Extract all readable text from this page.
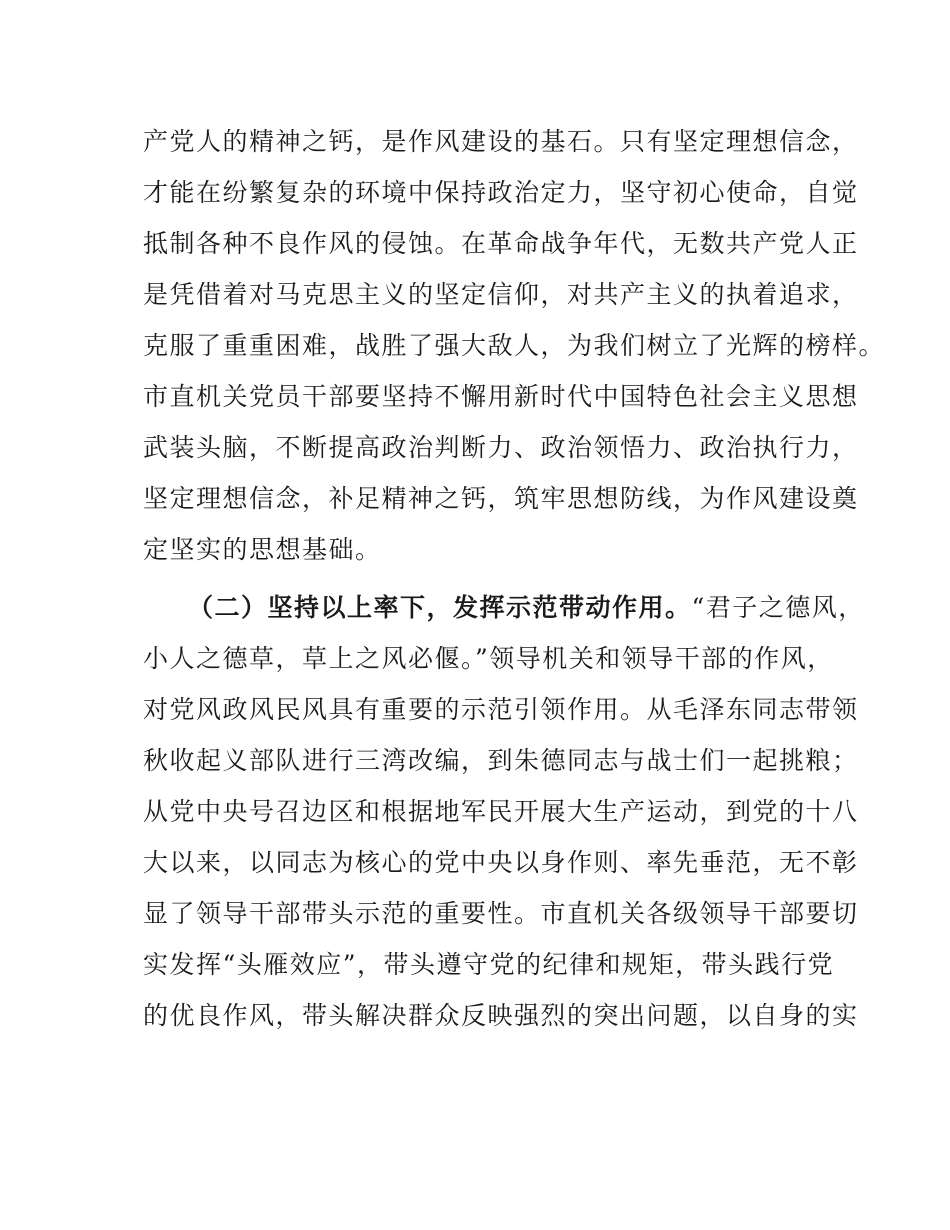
产党人的精神之钙，是作风建设的基石。只有坚定理想信念，
才能在纷繁复杂的环境中保持政治定力，坚守初心使命，自觉
抵制各种不良作风的侵蚀。在革命战争年代，无数共产党人正
是凭借着对马克思主义的坚定信仰，对共产主义的执着追求，
克服了重重困难，战胜了强大敌人，为我们树立了光辉的榜样。
市直机关党员干部要坚持不懈用新时代中国特色社会主义思想
武装头脑，不断提高政治判断力、政治领悟力、政治执行力，
坚定理想信念，补足精神之钙，筑牢思想防线，为作风建设奠
定坚实的思想基础。
（二）坚持以上率下，发挥示范带动作用。“君子之德风，
小人之德草，草上之风必偃。”领导机关和领导干部的作风，
对党风政风民风具有重要的示范引领作用。从毛泽东同志带领
秋收起义部队进行三湾改编，到朱德同志与战士们一起挑粮；
从党中央号召边区和根据地军民开展大生产运动，到党的十八
大以来，以同志为核心的党中央以身作则、率先垂范，无不彰
显了领导干部带头示范的重要性。市直机关各级领导干部要切
实发挥“头雁效应”，带头遵守党的纪律和规矩，带头践行党
的优良作风，带头解决群众反映强烈的突出问题，以自身的实
